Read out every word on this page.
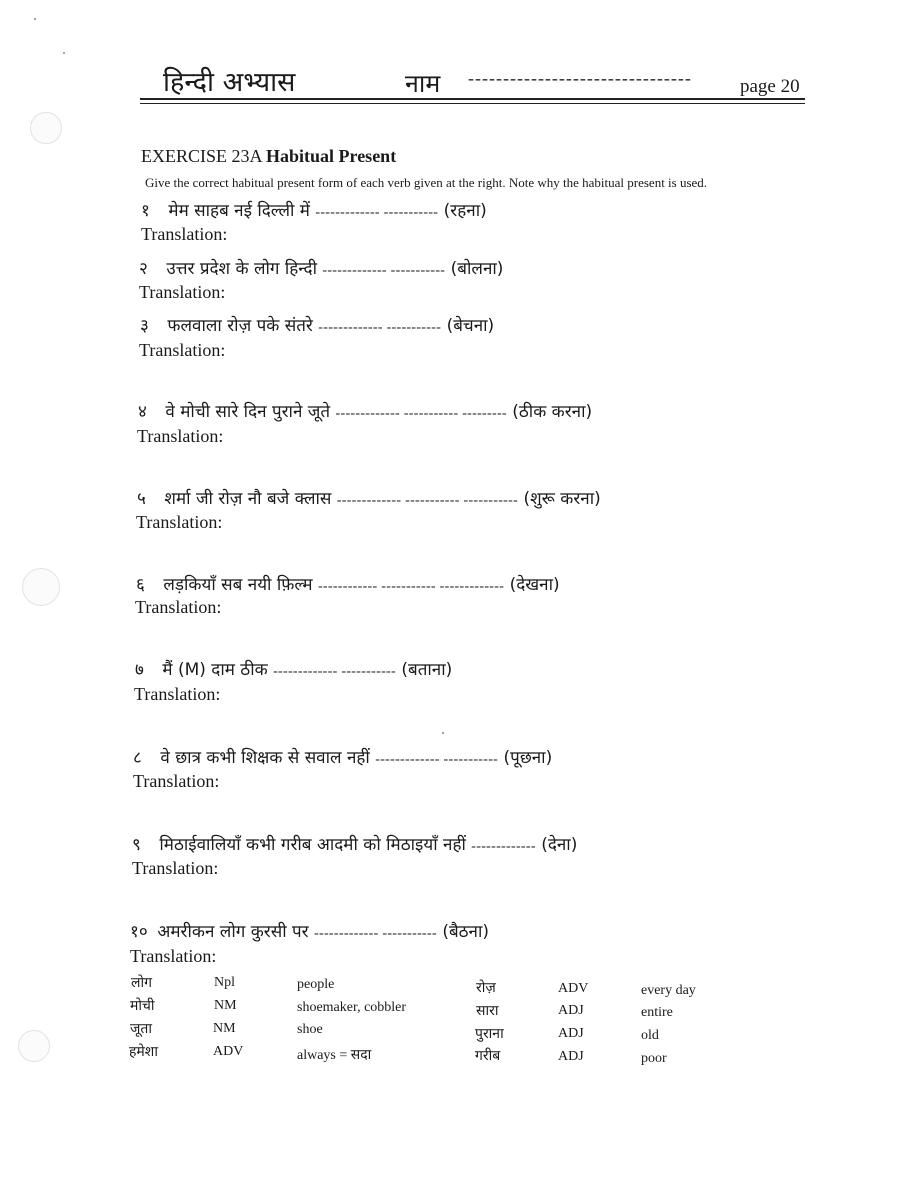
हिन्दी अभ्यास	नाम --------------------------------	page 20
EXERCISE 23A Habitual Present
Give the correct habitual present form of each verb given at the right. Note why the habitual present is used.
१ मेम साहब नई दिल्ली में ------------- ----------- (रहना)
Translation:
२ उत्तर प्रदेश के लोग हिन्दी ------------- ----------- (बोलना)
Translation:
३ फलवाला रोज़ पके संतरे ------------- ----------- (बेचना)
Translation:
४ वे मोची सारे दिन पुराने जूते ------------- ----------- --------- (ठीक करना)
Translation:
५ शर्मा जी रोज़ नौ बजे क्लास ------------- ----------- ----------- (शुरू करना)
Translation:
६ लड़कियाँ सब नयी फ़िल्म ------------ ----------- ------------- (देखना)
Translation:
७ मैं (M) दाम ठीक ------------- ----------- (बताना)
Translation:
८ वे छात्र कभी शिक्षक से सवाल नहीं ------------- ----------- (पूछना)
Translation:
९ मिठाईवालियाँ कभी गरीब आदमी को मिठाइयाँ नहीं ------------- (देना)
Translation:
१० अमरीकन लोग कुरसी पर ------------- ----------- (बैठना)
Translation:
लोग	Npl	people
मोची	NM	shoemaker, cobbler
जूता	NM	shoe
हमेशा	ADV	always = सदा
रोज़	ADV	every day
सारा	ADJ	entire
पुराना	ADJ	old
गरीब	ADJ	poor
